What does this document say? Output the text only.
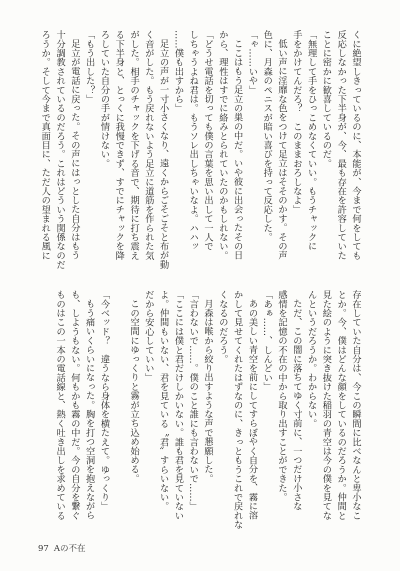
くに絶望しきっているのに、本能が、今まで何をしても
反応しなかった下半身が、今、最も存在を許容していた
ことに密かに歓喜しているのだ。
「無理して手をひっこめなくていい。もうチャックに
手をかけてんだろ？　このままおろしなよ」
低い声に淫靡な色をつけて足立はそそのかす。その声
色に、月森のペニスが暗い喜びを持って反応した。
「ゃ……いや」
ここはもう足立の巣の中だ。いや彼に出会ったその日
から、理性はすでに絡みとられていたのかもしれない。
「どうせ電話を切っても僕の言葉を思い出して一人で
しちゃうよね君は。もうソレ出しちゃいなよ。ハハッ
……僕も出すから」
足立の声が一寸小さくなり、遠くからごそごそと布が動
く音がした。もう戻れないよう足立に道筋を作られた気
がした。相手のチャックを下げる音で、期待に打ち震え
る下半身と、とっくに我慢できず、すでにチャックを降
ろしていた自分の手が情けない。
「もう出した？」
足立が電話に戻った。その声にはっとした自分はもう
十分調教されているのだろう。これはどういう関係なのだ
ろうか。そして今まで真面目に、ただ人の望まれる風に
存在していた自分は、今この瞬間に比べなんと卑小なこ
とか。今、僕はどんな顔をしているのだろうか。仲間と
見た絵のように突き抜けた稲羽の青空は今の僕を見てな
んというだろうか。わからない。
ただ、この闇に落ちてゆく寸前に、一つだけ小さな
感情を記憶の不在の中から取り出すことができた。
「あぁ……、しんどい」
あの美しい青空を前にしてすらぼやく自分を、霧に溶
かして見せてくれたはずなのに、きっともうこれで戻れな
くなるのだろう。
月森は喉から絞り出すような声で懇願した。
「言わないで……。僕のこと誰にも言わないで……」
「ここには僕と君だけしかいない。誰も君を見ていない
よ。仲間もいない、君を見ている〝君〟すらいない。
だから安心していい」
この空間にゆっくりと霧が立ち込め始める。
「今ベッド？　違うなら身体を横たえて。ゆっくり」
もう痛いくらいになった。胸を打つ空洞を抱えながら
も、しようもない。何もかも霧の中だ。今の自分を繋ぐ
ものはこの一本の電話線と、熱く吐き出しを求めている
97 Aの不在
